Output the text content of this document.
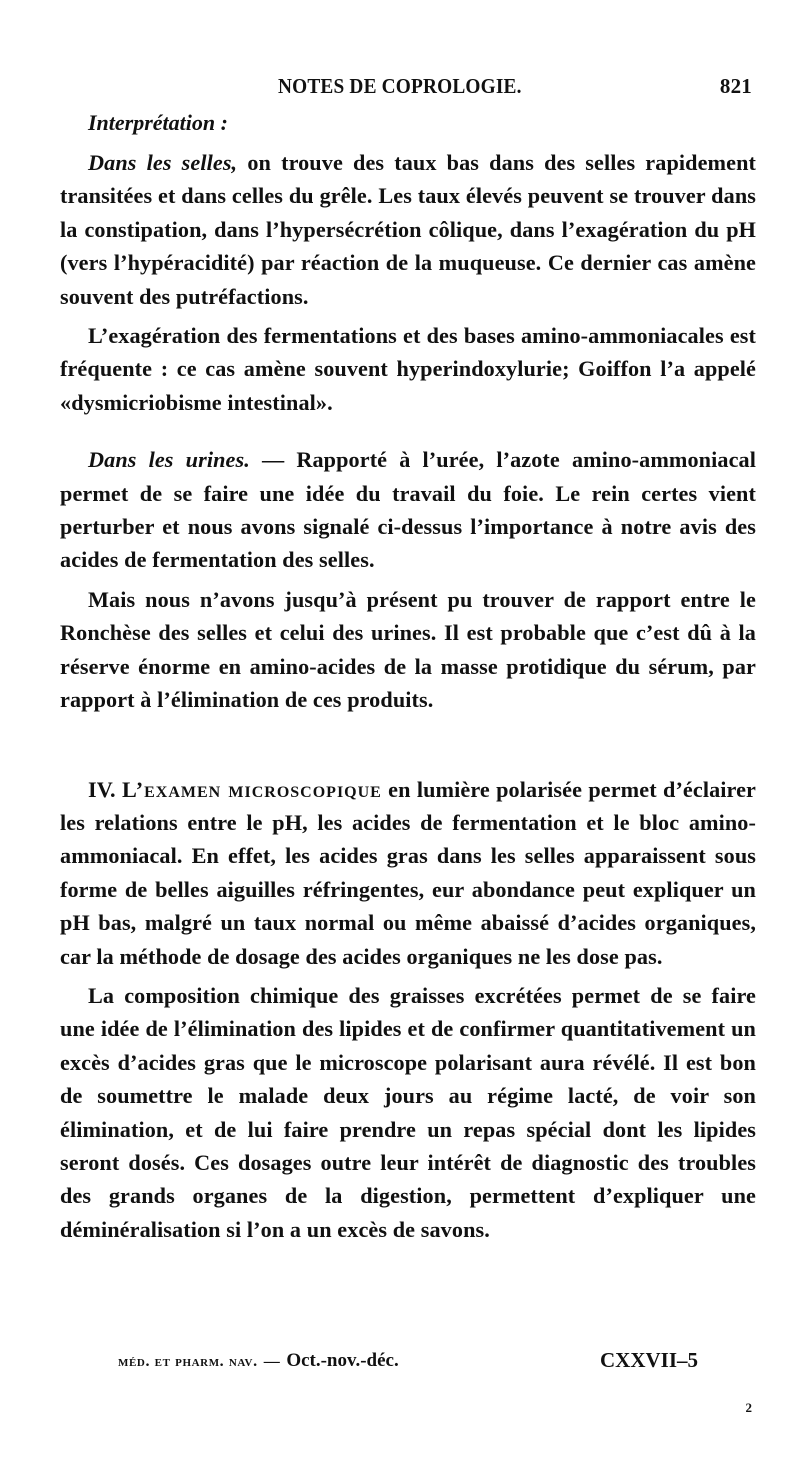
NOTES DE COPROLOGIE.	821
Interprétation :

Dans les selles, on trouve des taux bas dans des selles rapidement transitées et dans celles du grêle. Les taux élevés peuvent se trouver dans la constipation, dans l’hypersécrétion côlique, dans l’exagération du pH (vers l’hypéracidité) par réaction de la muqueuse. Ce dernier cas amène souvent des putréfactions.

L’exagération des fermentations et des bases amino-ammoniacales est fréquente : ce cas amène souvent hyperindoxylurie; Goiffon l’a appelé «dysmicriobisme intestinal».

Dans les urines. — Rapporté à l’urée, l’azote amino-ammoniacal permet de se faire une idée du travail du foie. Le rein certes vient perturber et nous avons signalé ci-dessus l’importance à notre avis des acides de fermentation des selles.

Mais nous n’avons jusqu’à présent pu trouver de rapport entre le Ronchèse des selles et celui des urines. Il est probable que c’est dû à la réserve énorme en amino-acides de la masse protidique du sérum, par rapport à l’élimination de ces produits.

IV. L’examen microscopique en lumière polarisée permet d’éclairer les relations entre le pH, les acides de fermentation et le bloc amino-ammoniacal. En effet, les acides gras dans les selles apparaissent sous forme de belles aiguilles réfringentes, eur abondance peut expliquer un pH bas, malgré un taux normal ou même abaissé d’acides organiques, car la méthode de dosage des acides organiques ne les dose pas.

La composition chimique des graisses excrétées permet de se faire une idée de l’élimination des lipides et de confirmer quantitativement un excès d’acides gras que le microscope polarisant aura révélé. Il est bon de soumettre le malade deux jours au régime lacté, de voir son élimination, et de lui faire prendre un repas spécial dont les lipides seront dosés. Ces dosages outre leur intérêt de diagnostic des troubles des grands organes de la digestion, permettent d’expliquer une déminéralisation si l’on a un excès de savons.

méd. et pharm. nav. — Oct.-nov.-déc.	CXXVII–5
2
